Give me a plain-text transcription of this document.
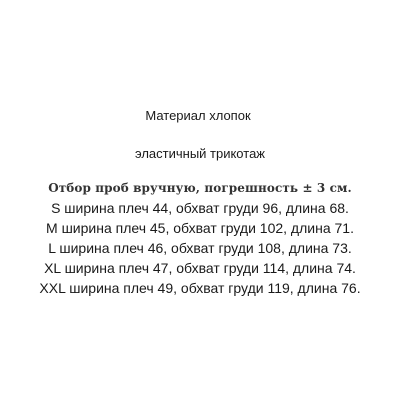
Материал хлопок
эластичный трикотаж
Отбор проб вручную, погрешность ± 3 см.
S ширина плеч 44, обхват груди 96, длина 68.
M ширина плеч 45, обхват груди 102, длина 71.
L ширина плеч 46, обхват груди 108, длина 73.
XL ширина плеч 47, обхват груди 114, длина 74.
XXL ширина плеч 49, обхват груди 119, длина 76.
